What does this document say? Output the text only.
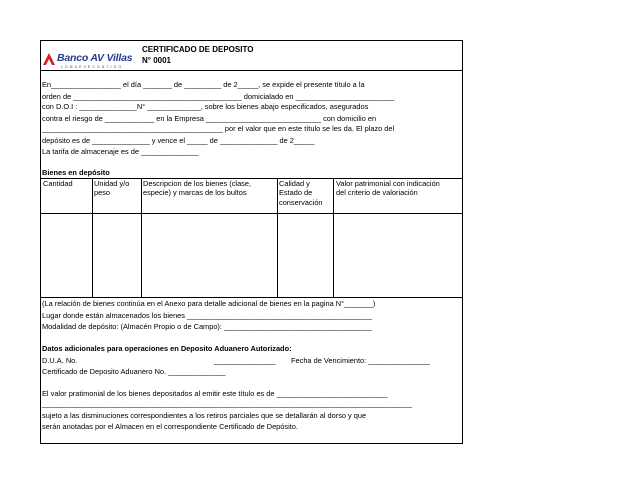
Banco AV Villas
L O M U E V E C O N T I G O
CERTIFICADO DE DEPOSITO
N° 0001
En_________________ el día _______ de _________ de 2_____, se expide el presente título a la
orden de _________________________________________ domicialado en ________________________
con D.O.I : ______________N° _____________, sobre los bienes abajo especificados, asegurados
contra el riesgo de ____________ en la Empresa ____________________________ con domicilio en
____________________________________________ por el valor que en este título se les da. El plazo del
depósito es de ______________ y vence el _____ de ______________ de 2_____
La tarifa de almacenaje es de ______________
Bienes en depósito
Cantidad	Unidad y/o
peso
Descripcion de los bienes (clase,
especie) y marcas de los bultos
Calidad y
Estado de
conservación
Valor patrimonial con indicación
del criterio de valoriación
(La relación de bienes continúa en el Anexo para detalle adicional de bienes en la pagina N°_______)
Lugar donde están almacenados los bienes _____________________________________________
Modalidad de depósito: (Almacén Propio o de Campo): ____________________________________
Datos adicionales para operaciones en Deposito Aduanero Autorizado:
D.U.A. No.	_______________ Fecha de Vencimiento: _______________
Certificado de Deposito Aduanero No. ______________
El valor pratimonial de los bienes depositados al emitir este título es de ___________________________
__________________________________________________________________________________________
sujeto a las disminuciones correspondientes a los retiros parciales que se detallarán al dorso y que
serán anotadas por el Almacen en el correspondiente Certificado de Depósito.
